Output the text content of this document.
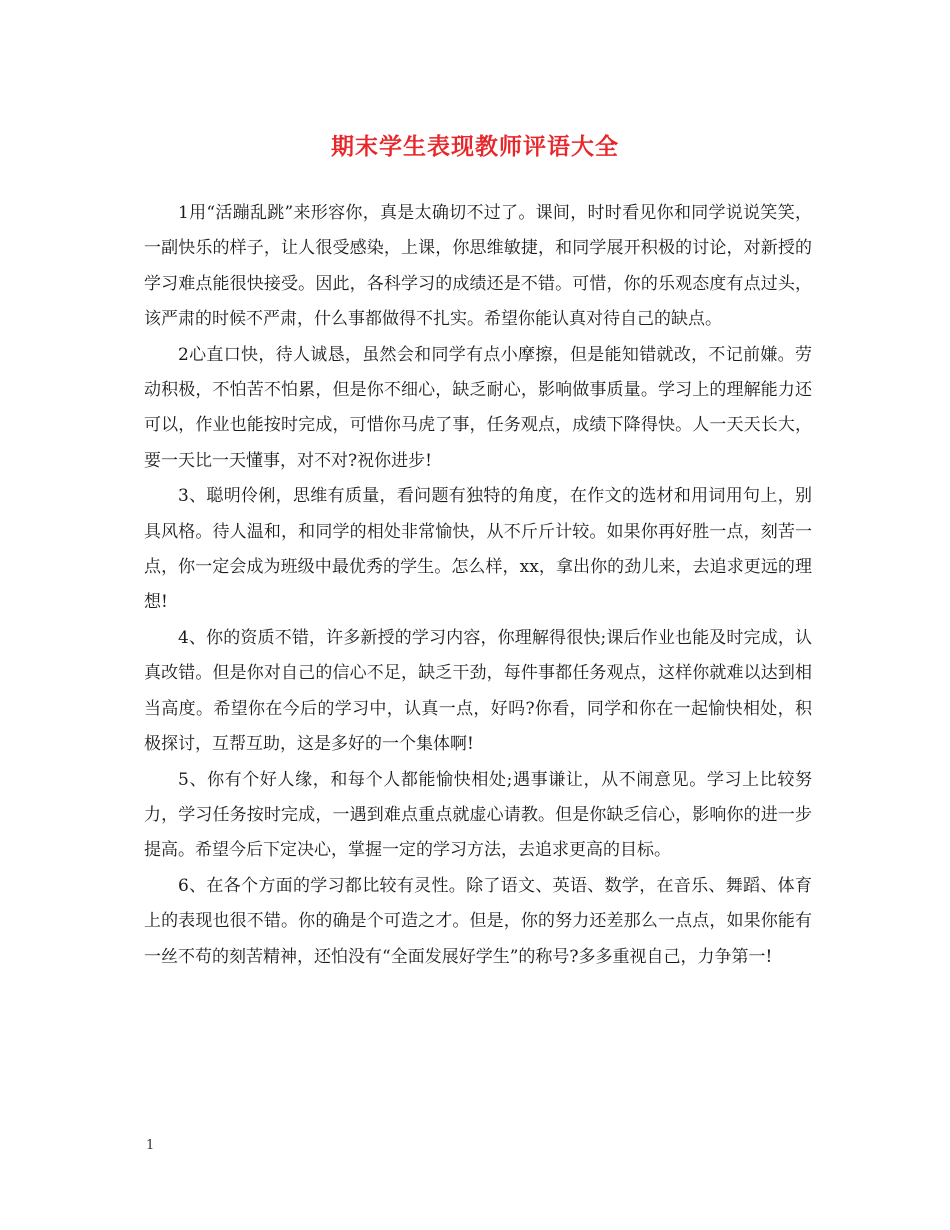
期末学生表现教师评语大全

1用“活蹦乱跳”来形容你，真是太确切不过了。课间，时时看见你和同学说说笑笑，一副快乐的样子，让人很受感染，上课，你思维敏捷，和同学展开积极的讨论，对新授的学习难点能很快接受。因此，各科学习的成绩还是不错。可惜，你的乐观态度有点过头，该严肃的时候不严肃，什么事都做得不扎实。希望你能认真对待自己的缺点。

2心直口快，待人诚恳，虽然会和同学有点小摩擦，但是能知错就改，不记前嫌。劳动积极，不怕苦不怕累，但是你不细心，缺乏耐心，影响做事质量。学习上的理解能力还可以，作业也能按时完成，可惜你马虎了事，任务观点，成绩下降得快。人一天天长大，要一天比一天懂事，对不对?祝你进步!

3、聪明伶俐，思维有质量，看问题有独特的角度，在作文的选材和用词用句上，别具风格。待人温和，和同学的相处非常愉快，从不斤斤计较。如果你再好胜一点，刻苦一点，你一定会成为班级中最优秀的学生。怎么样，xx，拿出你的劲儿来，去追求更远的理想!

4、你的资质不错，许多新授的学习内容，你理解得很快;课后作业也能及时完成，认真改错。但是你对自己的信心不足，缺乏干劲，每件事都任务观点，这样你就难以达到相当高度。希望你在今后的学习中，认真一点，好吗?你看，同学和你在一起愉快相处，积极探讨，互帮互助，这是多好的一个集体啊!

5、你有个好人缘，和每个人都能愉快相处;遇事谦让，从不闹意见。学习上比较努力，学习任务按时完成，一遇到难点重点就虚心请教。但是你缺乏信心，影响你的进一步提高。希望今后下定决心，掌握一定的学习方法，去追求更高的目标。

6、在各个方面的学习都比较有灵性。除了语文、英语、数学，在音乐、舞蹈、体育上的表现也很不错。你的确是个可造之才。但是，你的努力还差那么一点点，如果你能有一丝不苟的刻苦精神，还怕没有“全面发展好学生”的称号?多多重视自己，力争第一!

1
